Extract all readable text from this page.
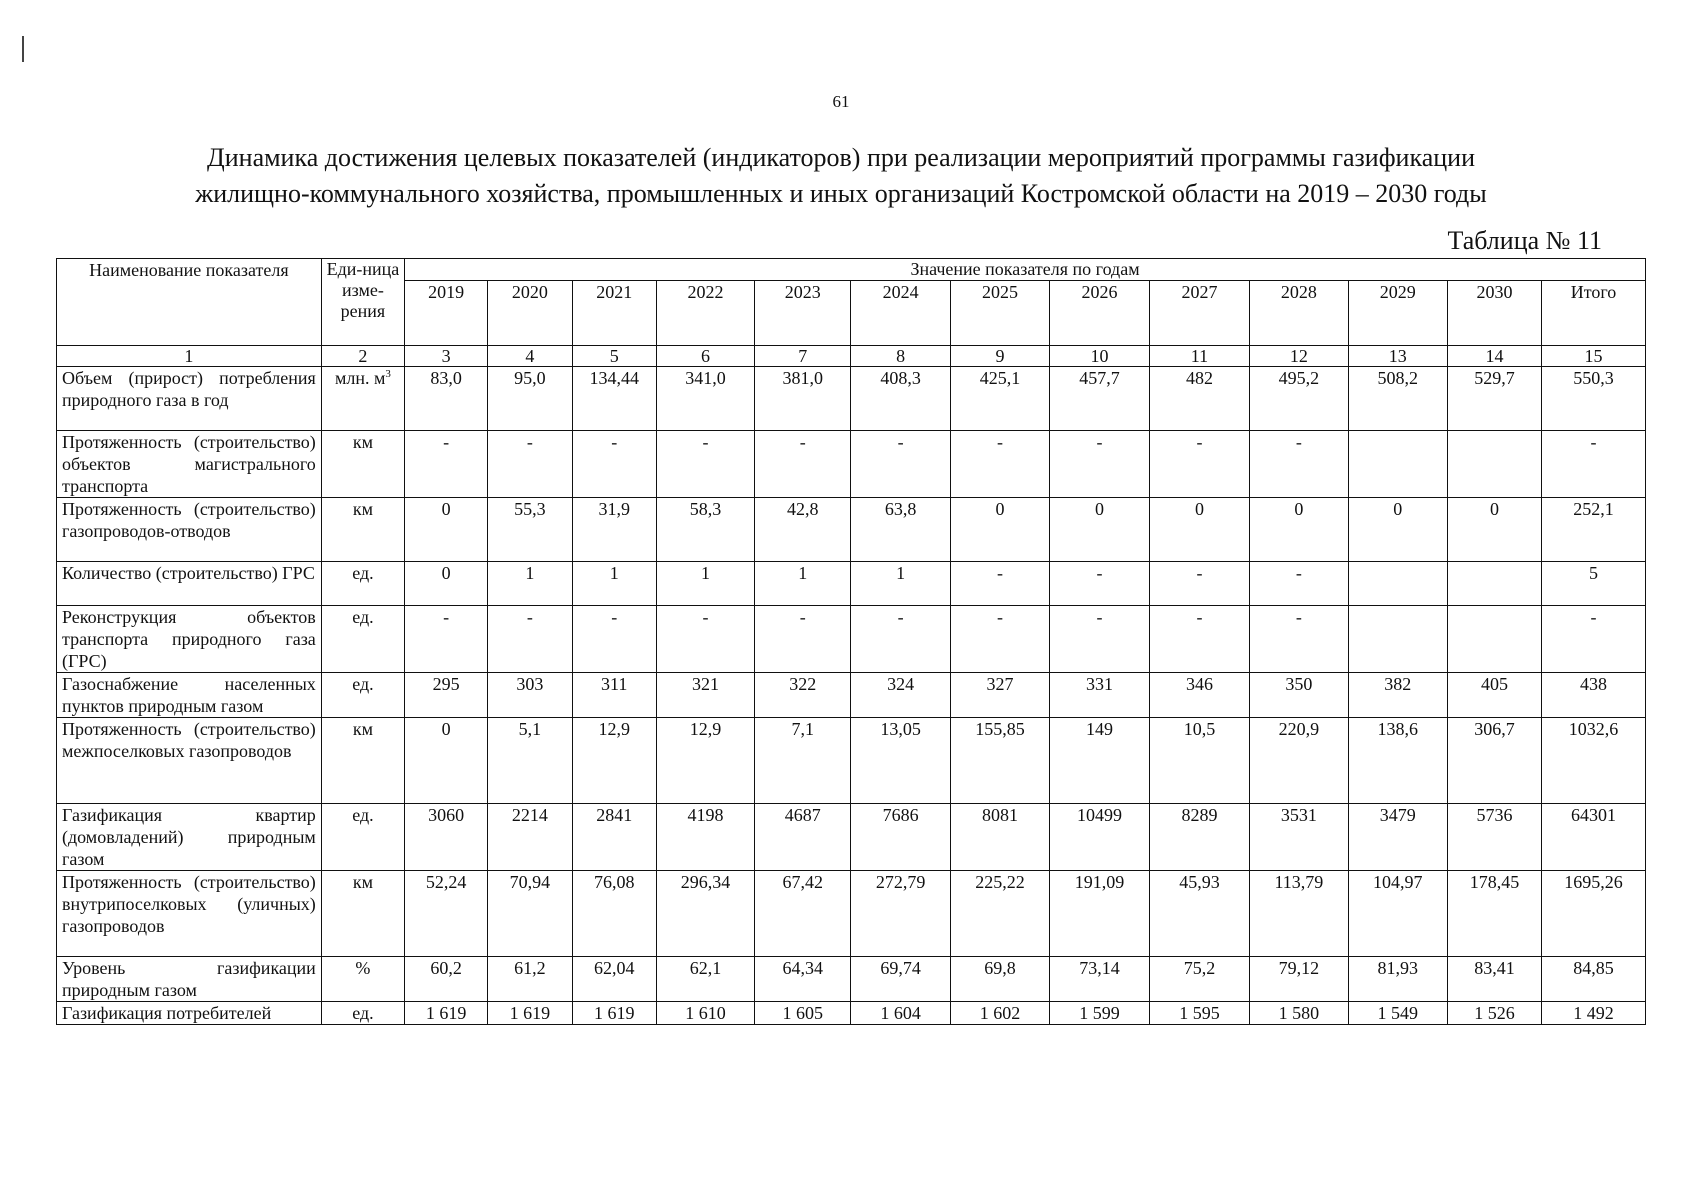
61
Динамика достижения целевых показателей (индикаторов) при реализации мероприятий программы газификации
жилищно-коммунального хозяйства, промышленных и иных организаций Костромской области на 2019 – 2030 годы
Таблица № 11
Наименование показателя	Еди-ница изме-рения	Значение показателя по годам												
		2019	2020	2021	2022	2023	2024	2025	2026	2027	2028	2029	2030	Итого
1	2	3	4	5	6	7	8	9	10	11	12	13	14	15
Объем (прирост) потребления природного газа в год	млн. $м^3$	83,0	95,0	134,44	341,0	381,0	408,3	425,1	457,7	482	495,2	508,2	529,7	550,3
Протяженность (строительство) объектов магистрального транспорта	км	-	-	-	-	-	-	-	-	-	-			-
Протяженность (строительство) газопроводов-отводов	км	0	55,3	31,9	58,3	42,8	63,8	0	0	0	0	0	0	252,1
Количество (строительство) ГРС	ед.	0	1	1	1	1	1	-	-	-	-			5
Реконструкция объектов транспорта природного газа (ГРС)	ед.	-	-	-	-	-	-	-	-	-	-			-
Газоснабжение населенных пунктов природным газом	ед.	295	303	311	321	322	324	327	331	346	350	382	405	438
Протяженность (строительство) межпоселковых газопроводов	км	0	5,1	12,9	12,9	7,1	13,05	155,85	149	10,5	220,9	138,6	306,7	1032,6
Газификация квартир (домовладений) природным газом	ед.	3060	2214	2841	4198	4687	7686	8081	10499	8289	3531	3479	5736	64301
Протяженность (строительство) внутрипоселковых (уличных) газопроводов	км	52,24	70,94	76,08	296,34	67,42	272,79	225,22	191,09	45,93	113,79	104,97	178,45	1695,26
Уровень газификации природным газом	%	60,2	61,2	62,04	62,1	64,34	69,74	69,8	73,14	75,2	79,12	81,93	83,41	84,85
Газификация потребителей	ед.	1 619	1 619	1 619	1 610	1 605	1 604	1 602	1 599	1 595	1 580	1 549	1 526	1 492
